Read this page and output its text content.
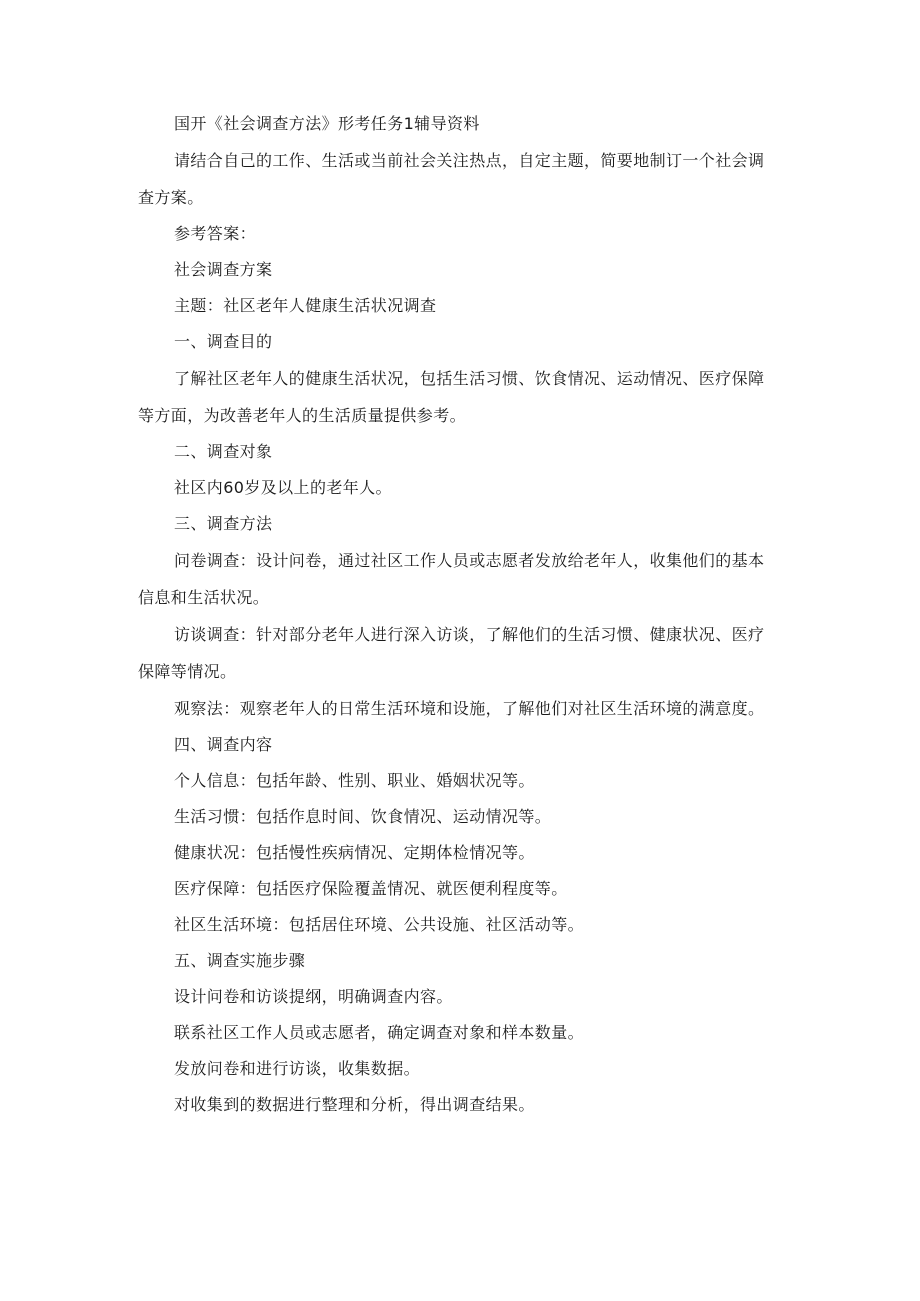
国开《社会调查方法》形考任务1辅导资料

请结合自己的工作、生活或当前社会关注热点，自定主题，简要地制订一个社会调查方案。

参考答案：

社会调查方案

主题：社区老年人健康生活状况调查

一、调查目的

了解社区老年人的健康生活状况，包括生活习惯、饮食情况、运动情况、医疗保障等方面，为改善老年人的生活质量提供参考。

二、调查对象

社区内60岁及以上的老年人。

三、调查方法

问卷调查：设计问卷，通过社区工作人员或志愿者发放给老年人，收集他们的基本信息和生活状况。

访谈调查：针对部分老年人进行深入访谈，了解他们的生活习惯、健康状况、医疗保障等情况。

观察法：观察老年人的日常生活环境和设施，了解他们对社区生活环境的满意度。

四、调查内容

个人信息：包括年龄、性别、职业、婚姻状况等。

生活习惯：包括作息时间、饮食情况、运动情况等。

健康状况：包括慢性疾病情况、定期体检情况等。

医疗保障：包括医疗保险覆盖情况、就医便利程度等。

社区生活环境：包括居住环境、公共设施、社区活动等。

五、调查实施步骤

设计问卷和访谈提纲，明确调查内容。

联系社区工作人员或志愿者，确定调查对象和样本数量。

发放问卷和进行访谈，收集数据。

对收集到的数据进行整理和分析，得出调查结果。
